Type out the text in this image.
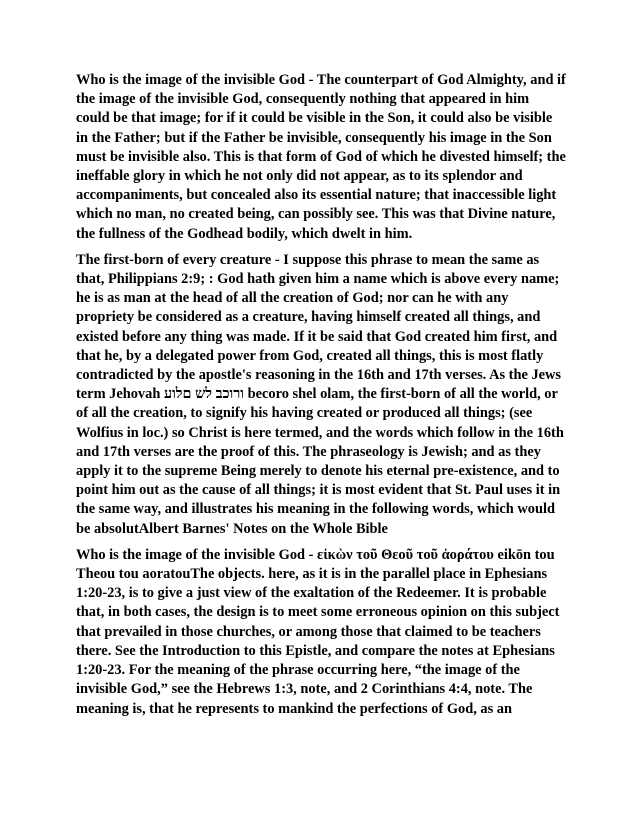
Who is the image of the invisible God - The counterpart of God Almighty, and if the image of the invisible God, consequently nothing that appeared in him could be that image; for if it could be visible in the Son, it could also be visible in the Father; but if the Father be invisible, consequently his image in the Son must be invisible also. This is that form of God of which he divested himself; the ineffable glory in which he not only did not appear, as to its splendor and accompaniments, but concealed also its essential nature; that inaccessible light which no man, no created being, can possibly see. This was that Divine nature, the fullness of the Godhead bodily, which dwelt in him.

The first-born of every creature - I suppose this phrase to mean the same as that, Philippians 2:9; : God hath given him a name which is above every name; he is as man at the head of all the creation of God; nor can he with any propriety be considered as a creature, having himself created all things, and existed before any thing was made. If it be said that God created him first, and that he, by a delegated power from God, created all things, this is most flatly contradicted by the apostle's reasoning in the 16th and 17th verses. As the Jews term Jehovah ורוכב לש םלוע becoro shel olam, the first-born of all the world, or of all the creation, to signify his having created or produced all things; (see Wolfius in loc.) so Christ is here termed, and the words which follow in the 16th and 17th verses are the proof of this. The phraseology is Jewish; and as they apply it to the supreme Being merely to denote his eternal pre-existence, and to point him out as the cause of all things; it is most evident that St. Paul uses it in the same way, and illustrates his meaning in the following words, which would be absolutAlbert Barnes' Notes on the Whole Bible

Who is the image of the invisible God - εἰκὼν τοῦ Θεοῦ τοῦ ἀοράτου eikōn tou Theou tou aoratouThe objects. here, as it is in the parallel place in Ephesians 1:20-23, is to give a just view of the exaltation of the Redeemer. It is probable that, in both cases, the design is to meet some erroneous opinion on this subject that prevailed in those churches, or among those that claimed to be teachers there. See the Introduction to this Epistle, and compare the notes at Ephesians 1:20-23. For the meaning of the phrase occurring here, “the image of the invisible God,” see the Hebrews 1:3, note, and 2 Corinthians 4:4, note. The meaning is, that he represents to mankind the perfections of God, as an
